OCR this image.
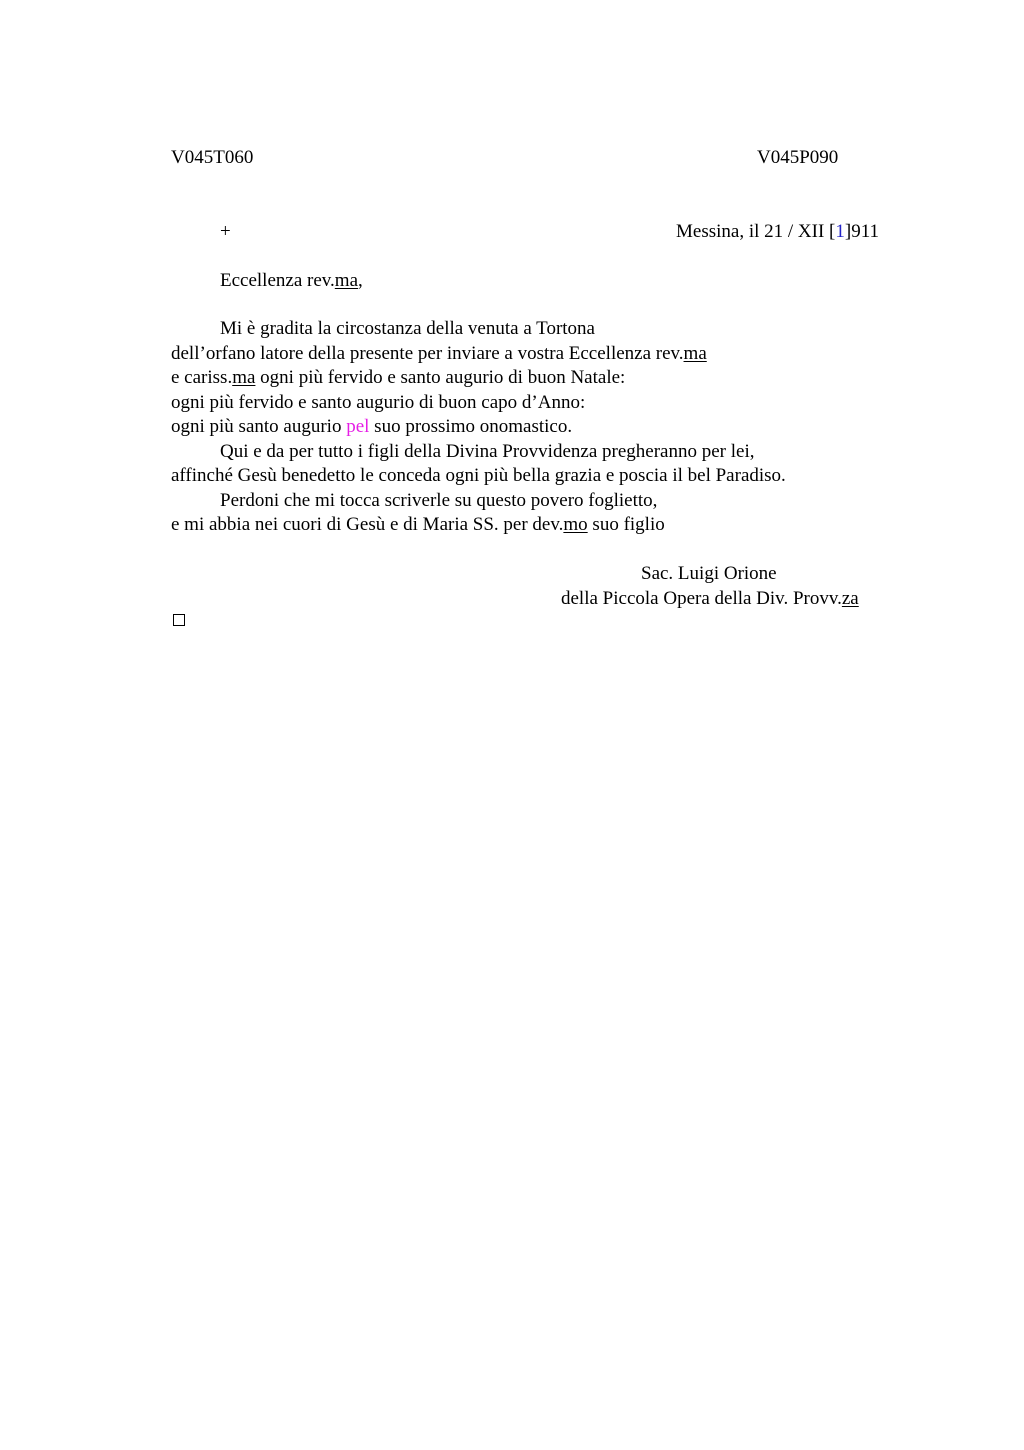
V045T060	V045P090
+	Messina, il 21 / XII [1]911
Eccellenza rev.ma,
Mi è gradita la circostanza della venuta a Tortona
dell’orfano latore della presente per inviare a vostra Eccellenza rev.ma
e cariss.ma ogni più fervido e santo augurio di buon Natale:
ogni più fervido e santo augurio di buon capo d’Anno:
ogni più santo augurio pel suo prossimo onomastico.
Qui e da per tutto i figli della Divina Provvidenza pregheranno per lei,
affinché Gesù benedetto le conceda ogni più bella grazia e poscia il bel Paradiso.
Perdoni che mi tocca scriverle su questo povero foglietto,
e mi abbia nei cuori di Gesù e di Maria SS. per dev.mo suo figlio
Sac. Luigi Orione
della Piccola Opera della Div. Provv.za
